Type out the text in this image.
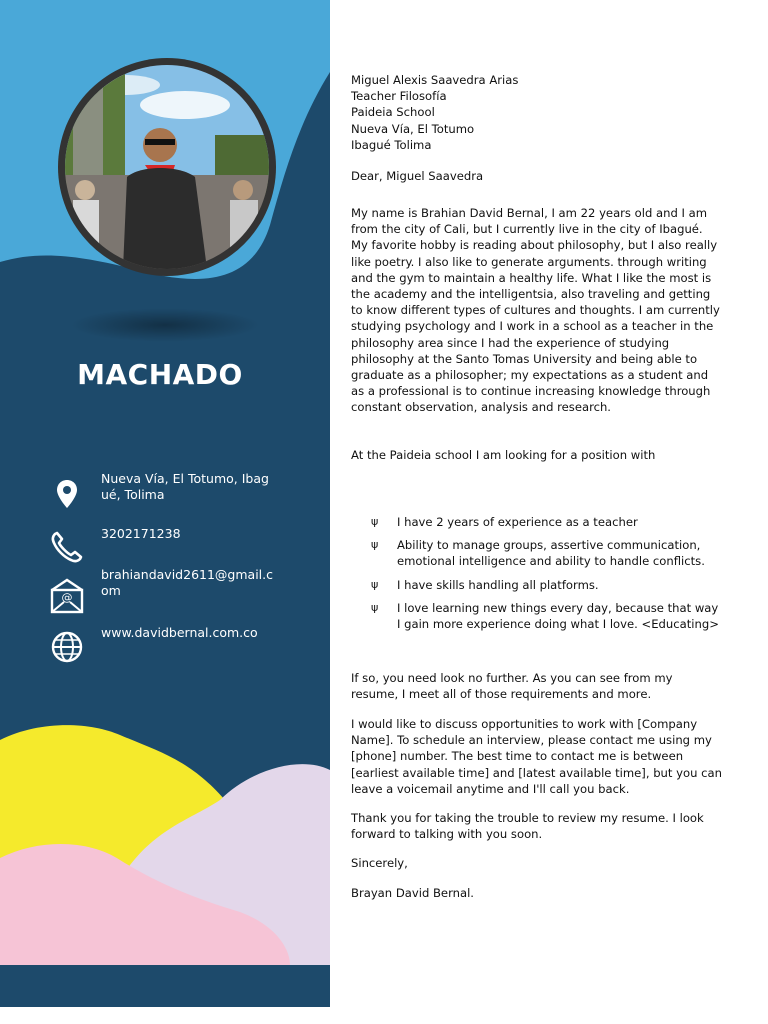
MACHADO
Nueva Vía, El Totumo, Ibagué, Tolima
3202171238
@
brahiandavid2611@gmail.com
www.davidbernal.com.co
Miguel Alexis Saavedra Arias
Teacher Filosofía
Paideia School
Nueva Vía, El Totumo
Ibagué Tolima

Dear, Miguel Saavedra

My name is Brahian David Bernal, I am 22 years old and I am from the city of Cali, but I currently live in the city of Ibagué. My favorite hobby is reading about philosophy, but I also really like poetry. I also like to generate arguments. through writing and the gym to maintain a healthy life. What I like the most is the academy and the intelligentsia, also traveling and getting to know different types of cultures and thoughts. I am currently studying psychology and I work in a school as a teacher in the philosophy area since I had the experience of studying philosophy at the Santo Tomas University and being able to graduate as a philosopher; my expectations as a student and as a professional is to continue increasing knowledge through constant observation, analysis and research.

At the Paideia school I am looking for a position with

ψ I have 2 years of experience as a teacher
ψ Ability to manage groups, assertive communication, emotional intelligence and ability to handle conflicts.
ψ I have skills handling all platforms.
ψ I love learning new things every day, because that way I gain more experience doing what I love. <Educating>

If so, you need look no further. As you can see from my resume, I meet all of those requirements and more.

I would like to discuss opportunities to work with [Company Name]. To schedule an interview, please contact me using my [phone] number. The best time to contact me is between [earliest available time] and [latest available time], but you can leave a voicemail anytime and I'll call you back.

Thank you for taking the trouble to review my resume. I look forward to talking with you soon.

Sincerely,

Brayan David Bernal.
